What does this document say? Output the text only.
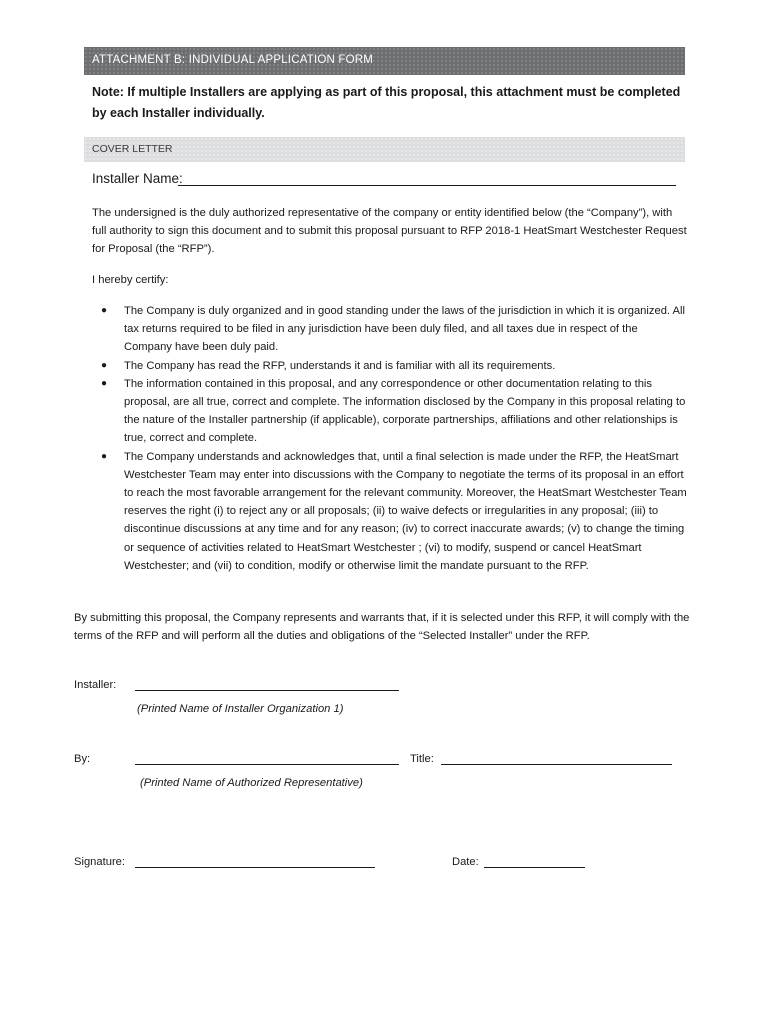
ATTACHMENT B: INDIVIDUAL APPLICATION FORM
Note: If multiple Installers are applying as part of this proposal, this attachment must be completed by each Installer individually.
COVER LETTER
Installer Name:

The undersigned is the duly authorized representative of the company or entity identified below (the “Company”), with full authority to sign this document and to submit this proposal pursuant to RFP 2018-1 HeatSmart Westchester Request for Proposal (the “RFP”).

I hereby certify:

● The Company is duly organized and in good standing under the laws of the jurisdiction in which it is organized. All tax returns required to be filed in any jurisdiction have been duly filed, and all taxes due in respect of the Company have been duly paid.
● The Company has read the RFP, understands it and is familiar with all its requirements.
● The information contained in this proposal, and any correspondence or other documentation relating to this proposal, are all true, correct and complete. The information disclosed by the Company in this proposal relating to the nature of the Installer partnership (if applicable), corporate partnerships, affiliations and other relationships is true, correct and complete.
● The Company understands and acknowledges that, until a final selection is made under the RFP, the HeatSmart Westchester Team may enter into discussions with the Company to negotiate the terms of its proposal in an effort to reach the most favorable arrangement for the relevant community. Moreover, the HeatSmart Westchester Team reserves the right (i) to reject any or all proposals; (ii) to waive defects or irregularities in any proposal; (iii) to discontinue discussions at any time and for any reason; (iv) to correct inaccurate awards; (v) to change the timing or sequence of activities related to HeatSmart Westchester ; (vi) to modify, suspend or cancel HeatSmart Westchester; and (vii) to condition, modify or otherwise limit the mandate pursuant to the RFP.

By submitting this proposal, the Company represents and warrants that, if it is selected under this RFP, it will comply with the terms of the RFP and will perform all the duties and obligations of the “Selected Installer” under the RFP.

Installer:
(Printed Name of Installer Organization 1)
By:
(Printed Name of Authorized Representative)
Title:
Signature:	Date:
